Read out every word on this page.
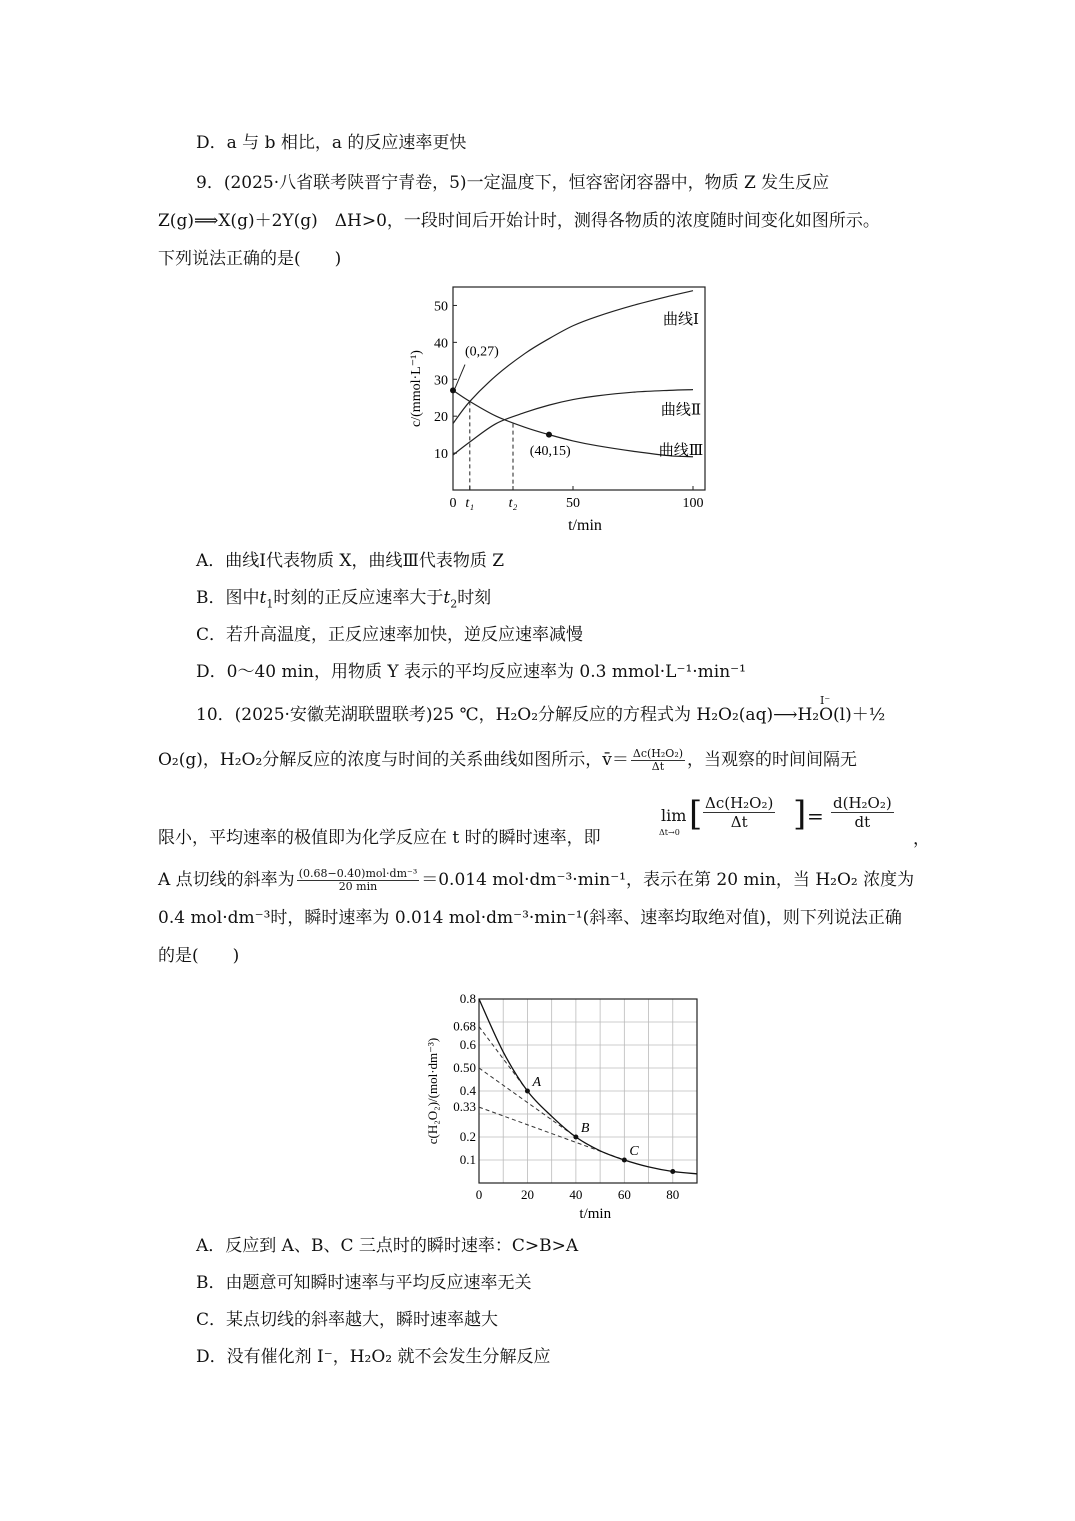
D．a 与 b 相比，a 的反应速率更快
9．(2025·八省联考陕晋宁青卷，5)一定温度下，恒容密闭容器中，物质 Z 发生反应
Z(g)⟹X(g)＋2Y(g)　 ΔH>0，一段时间后开始计时，测得各物质的浓度随时间变化如图所示。
下列说法正确的是(　　)
10
20
30
40
50
0 t₁ t₂	50	100
t/min
c/(mmol·L⁻¹)
曲线Ⅰ
曲线Ⅱ
曲线Ⅲ
(0,27)
(40,15)
A．曲线Ⅰ代表物质 X，曲线Ⅲ代表物质 Z
B．图中$t_1$时刻的正反应速率大于$t_2$时刻
C．若升高温度，正反应速率加快，逆反应速率减慢
D．0～40 min，用物质 Y 表示的平均反应速率为 0.3 mmol·L⁻¹·min⁻¹
10．(2025·安徽芜湖联盟联考)25 ℃，H₂O₂分解反应的方程式为 H₂O₂(aq)⟶H₂O(l)＋½
I⁻
O₂(g)，H₂O₂分解反应的浓度与时间的关系曲线如图所示，v̄＝ $\frac{\text{Δc(H₂O₂)}}{\Delta t}$ ，当观察的时间间隔无
限小，平均速率的极值即为化学反应在 t 时的瞬时速率，即
lim
Δt→0 [ $\frac{\text{Δc(H₂O₂)}}{\Delta t}$ ] = $\frac{\text{d(H₂O₂)}}{dt}$
，
A 点切线的斜率为 $\frac{\text{(0.68−0.40)mol·dm⁻³}}{20 \min} =0.014$ mol·dm⁻³·min⁻¹，表示在第 20 min，当 H₂O₂ 浓度为
0.4 mol·dm⁻³时，瞬时速率为 0.014 mol·dm⁻³·min⁻¹(斜率、速率均取绝对值)，则下列说法正确
的是(　　)
0.1
0.2
0.33
0.4
0.50
0.6
0.68
0.8
0	20	40	60	80
t/min
c(H₂O₂)/(mol·dm⁻³)	A
B
C
A．反应到 A、B、C 三点时的瞬时速率：C>B>A
B．由题意可知瞬时速率与平均反应速率无关
C．某点切线的斜率越大，瞬时速率越大
D．没有催化剂 I⁻，H₂O₂ 就不会发生分解反应
